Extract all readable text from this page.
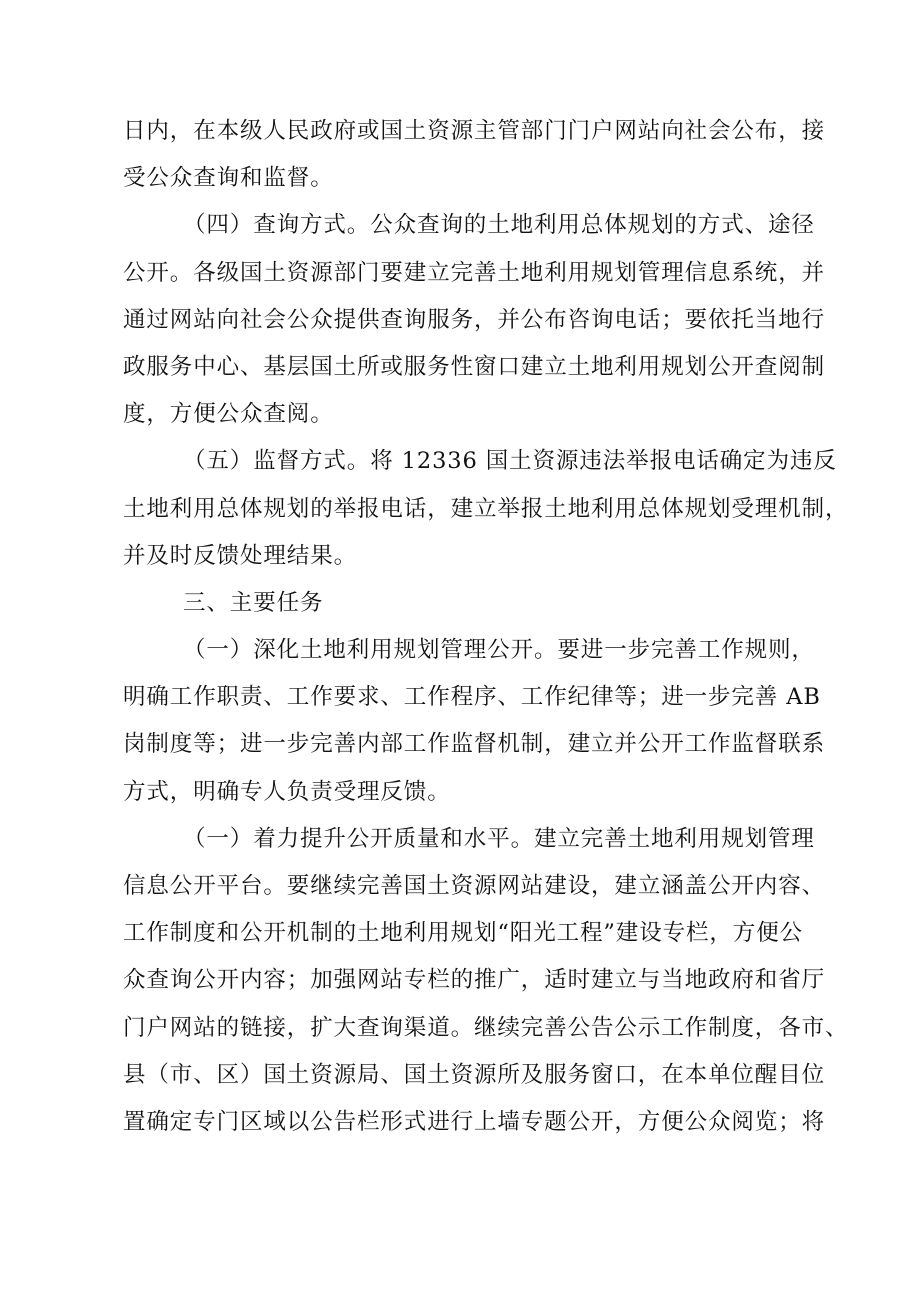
日内，在本级人民政府或国土资源主管部门门户网站向社会公布，接
受公众查询和监督。
（四）查询方式。公众查询的土地利用总体规划的方式、途径
公开。各级国土资源部门要建立完善土地利用规划管理信息系统，并
通过网站向社会公众提供查询服务，并公布咨询电话；要依托当地行
政服务中心、基层国土所或服务性窗口建立土地利用规划公开查阅制
度，方便公众查阅。
（五）监督方式。将 12336 国土资源违法举报电话确定为违反
土地利用总体规划的举报电话，建立举报土地利用总体规划受理机制，
并及时反馈处理结果。
三、主要任务
（一）深化土地利用规划管理公开。要进一步完善工作规则，
明确工作职责、工作要求、工作程序、工作纪律等；进一步完善 AB
岗制度等；进一步完善内部工作监督机制，建立并公开工作监督联系
方式，明确专人负责受理反馈。
（一）着力提升公开质量和水平。建立完善土地利用规划管理
信息公开平台。要继续完善国土资源网站建设，建立涵盖公开内容、
工作制度和公开机制的土地利用规划“阳光工程”建设专栏，方便公
众查询公开内容；加强网站专栏的推广，适时建立与当地政府和省厅
门户网站的链接，扩大查询渠道。继续完善公告公示工作制度，各市、
县（市、区）国土资源局、国土资源所及服务窗口，在本单位醒目位
置确定专门区域以公告栏形式进行上墙专题公开，方便公众阅览；将
